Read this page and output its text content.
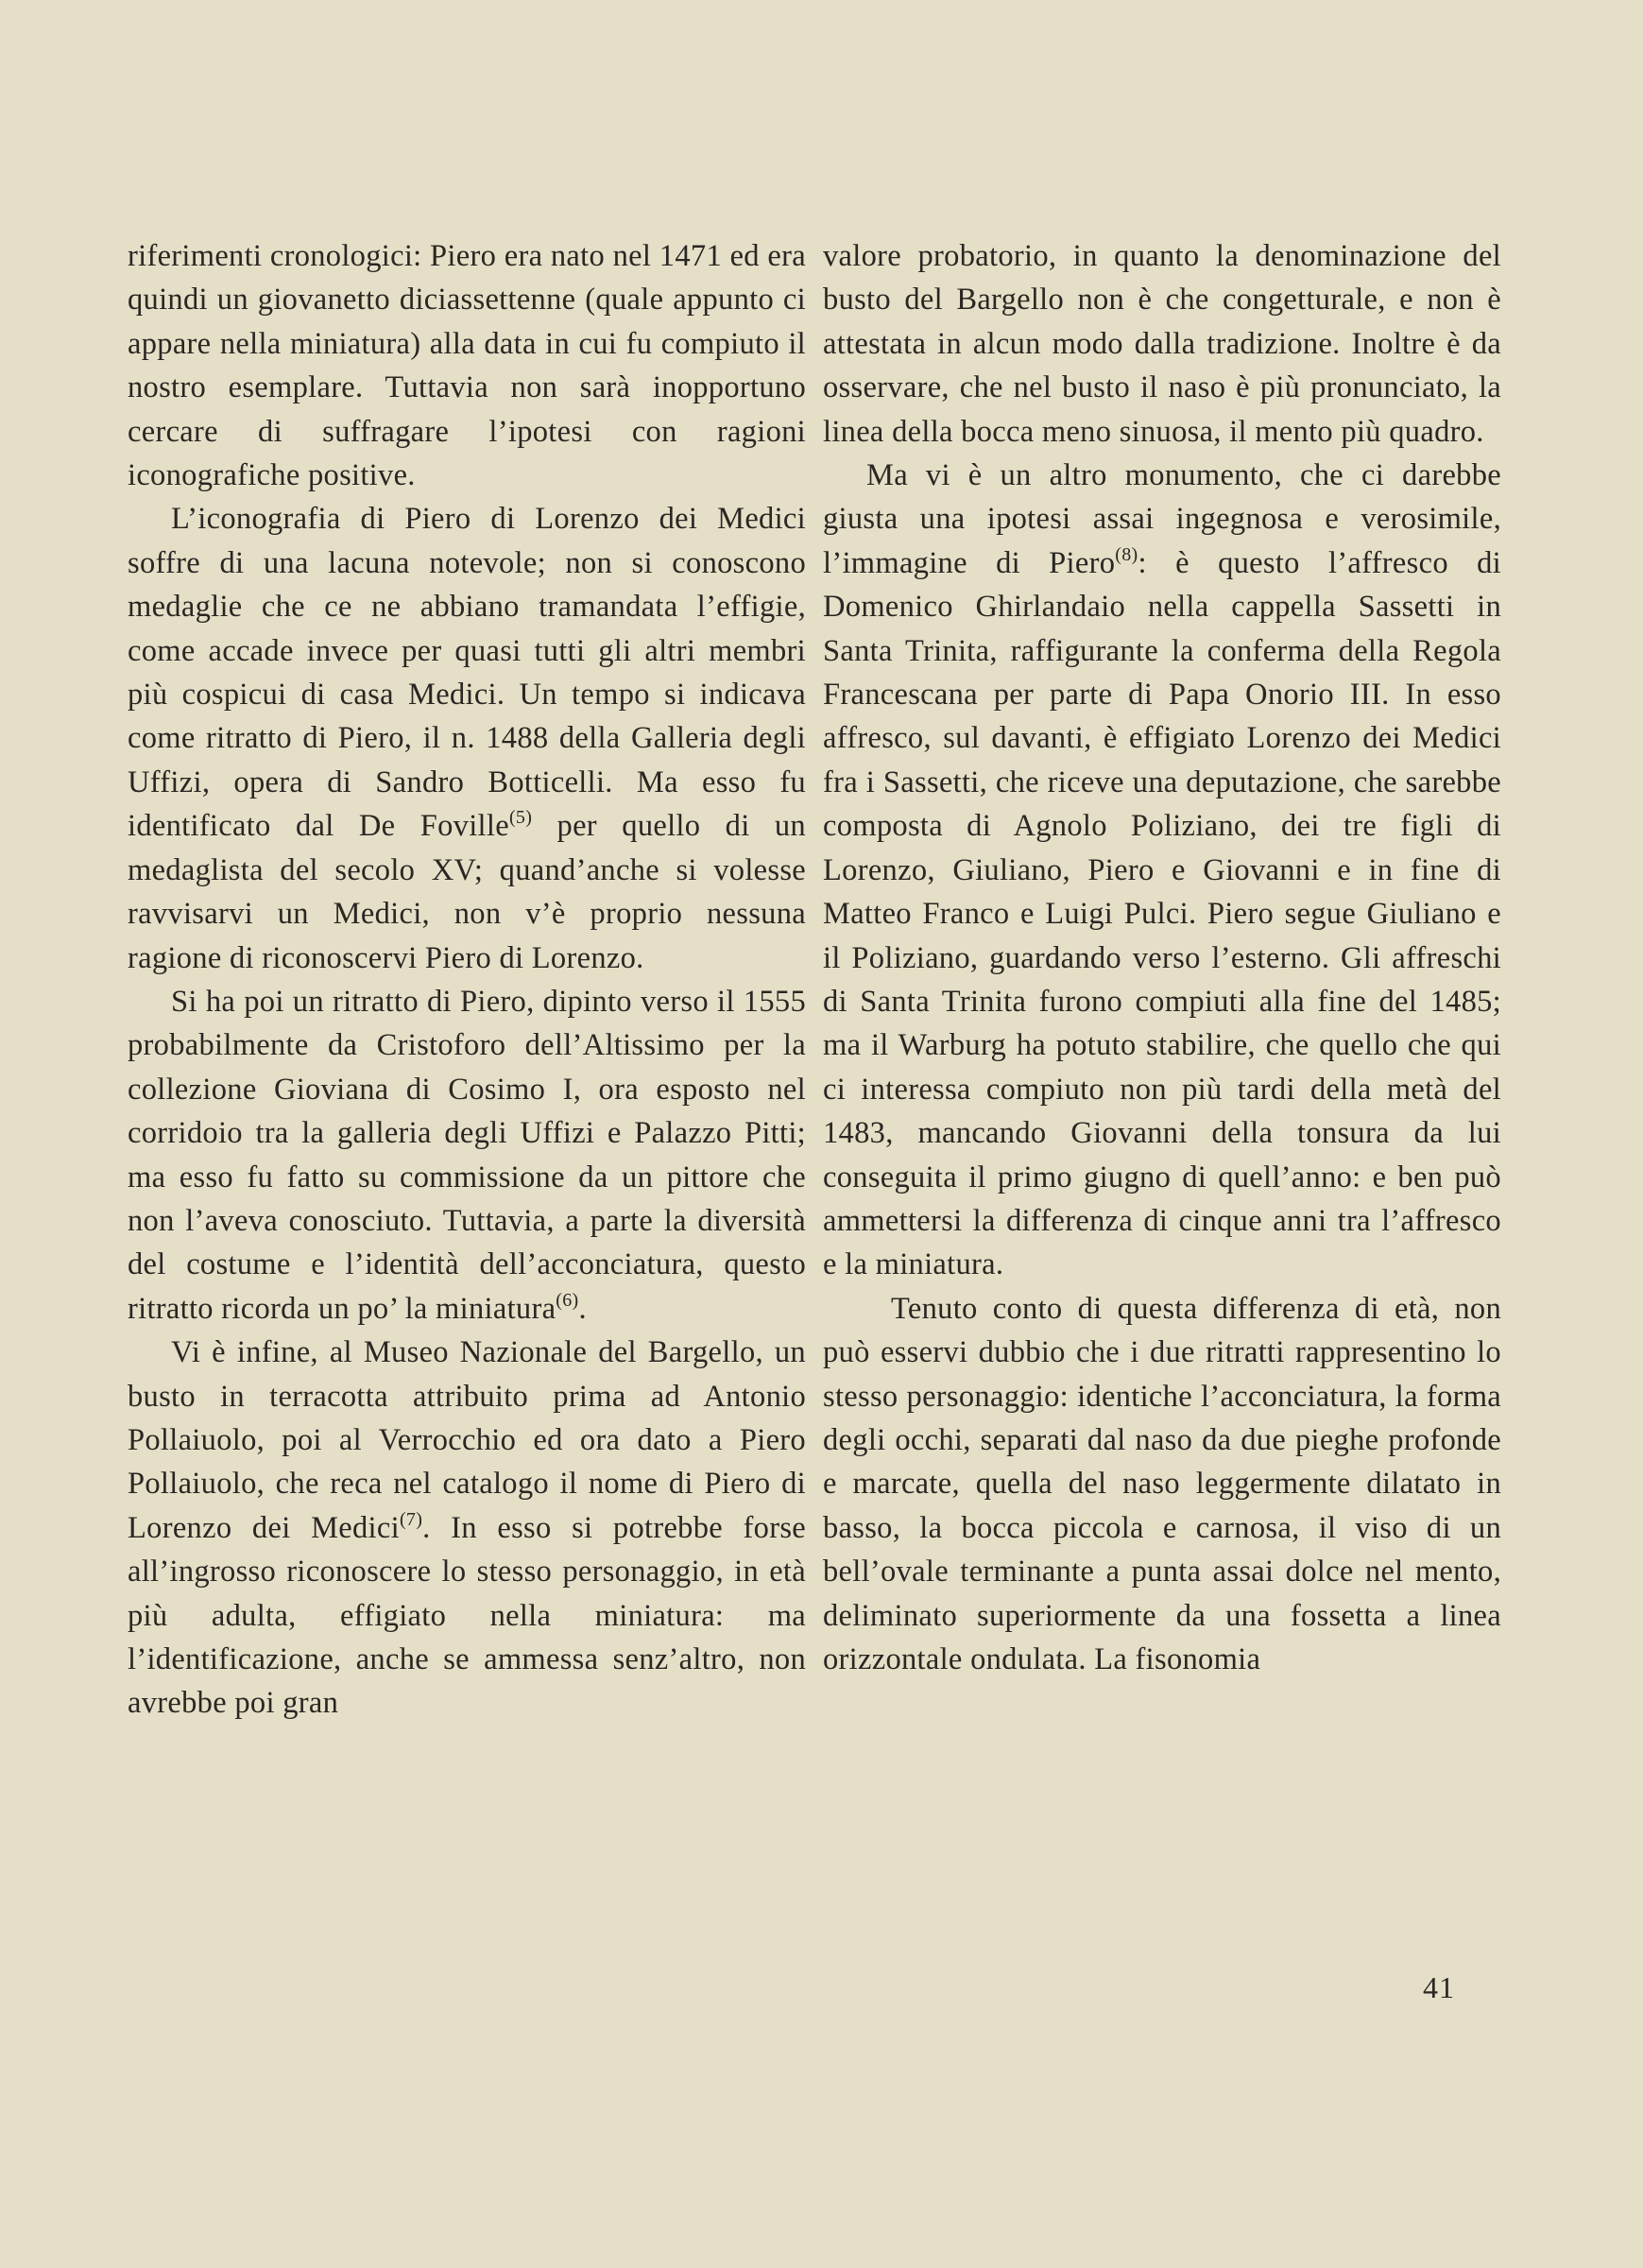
riferimenti cronologici: Piero era nato nel 1471 ed era quindi un giovanetto diciassettenne (quale appunto ci appare nella miniatura) alla data in cui fu compiuto il nostro esemplare. Tuttavia non sarà inopportuno cercare di suffragare l’ipotesi con ragioni iconografiche positive.

L’iconografia di Piero di Lorenzo dei Medici soffre di una lacuna notevole; non si conoscono medaglie che ce ne abbiano tramandata l’effigie, come accade invece per quasi tutti gli altri membri più cospicui di casa Medici. Un tempo si indicava come ritratto di Piero, il n. 1488 della Galleria degli Uffizi, opera di Sandro Botticelli. Ma esso fu identificato dal De Foville$^{(5)}$ per quello di un medaglista del secolo XV; quand’anche si volesse ravvisarvi un Medici, non v’è proprio nessuna ragione di riconoscervi Piero di Lorenzo.

Si ha poi un ritratto di Piero, dipinto verso il 1555 probabilmente da Cristoforo dell’Altissimo per la collezione Gioviana di Cosimo I, ora esposto nel corridoio tra la galleria degli Uffizi e Palazzo Pitti; ma esso fu fatto su commissione da un pittore che non l’aveva conosciuto. Tuttavia, a parte la diversità del costume e l’identità dell’acconciatura, questo ritratto ricorda un po’ la miniatura$^{(6)}$.

Vi è infine, al Museo Nazionale del Bargello, un busto in terracotta attribuito prima ad Antonio Pollaiuolo, poi al Verrocchio ed ora dato a Piero Pollaiuolo, che reca nel catalogo il nome di Piero di Lorenzo dei Medici$^{(7)}$. In esso si potrebbe forse all’ingrosso riconoscere lo stesso personaggio, in età più adulta, effigiato nella miniatura: ma l’identificazione, anche se ammessa senz’altro, non avrebbe poi gran

valore probatorio, in quanto la denominazione del busto del Bargello non è che congetturale, e non è attestata in alcun modo dalla tradizione. Inoltre è da osservare, che nel busto il naso è più pronunciato, la linea della bocca meno sinuosa, il mento più quadro.

Ma vi è un altro monumento, che ci darebbe giusta una ipotesi assai ingegnosa e verosimile, l’immagine di Piero$^{(8)}$: è questo l’affresco di Domenico Ghirlandaio nella cappella Sassetti in Santa Trinita, raffigurante la conferma della Regola Francescana per parte di Papa Onorio III. In esso affresco, sul davanti, è effigiato Lorenzo dei Medici fra i Sassetti, che riceve una deputazione, che sarebbe composta di Agnolo Poliziano, dei tre figli di Lorenzo, Giuliano, Piero e Giovanni e in fine di Matteo Franco e Luigi Pulci. Piero segue Giuliano e il Poliziano, guardando verso l’esterno. Gli affreschi di Santa Trinita furono compiuti alla fine del 1485; ma il Warburg ha potuto stabilire, che quello che qui ci interessa compiuto non più tardi della metà del 1483, mancando Giovanni della tonsura da lui conseguita il primo giugno di quell’anno: e ben può ammettersi la differenza di cinque anni tra l’affresco e la miniatura.

Tenuto conto di questa differenza di età, non può esservi dubbio che i due ritratti rappresentino lo stesso personaggio: identiche l’acconciatura, la forma degli occhi, separati dal naso da due pieghe profonde e marcate, quella del naso leggermente dilatato in basso, la bocca piccola e carnosa, il viso di un bell’ovale terminante a punta assai dolce nel mento, deliminato superiormente da una fossetta a linea orizzontale ondulata. La fisonomia

41
